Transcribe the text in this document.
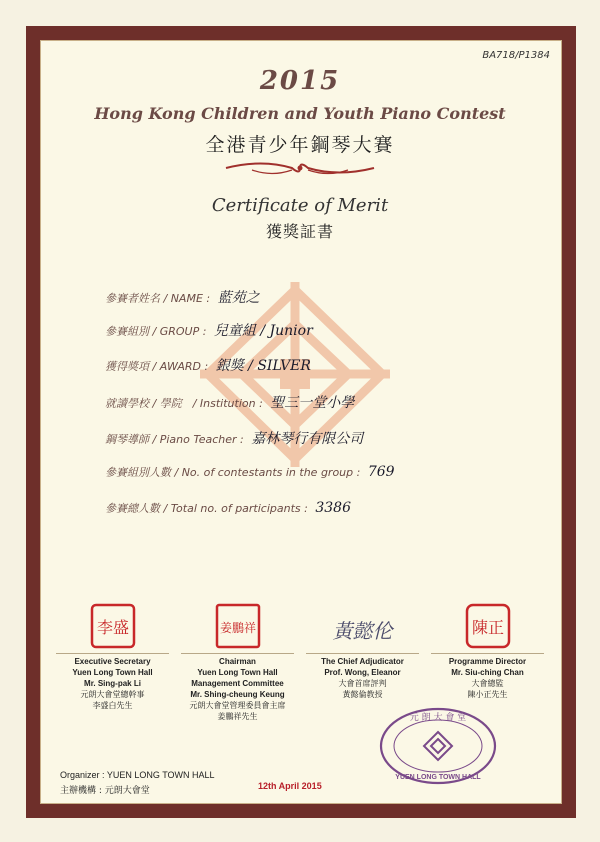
BA718/P1384
2015
Hong Kong Children and Youth Piano Contest
全港青少年鋼琴大賽
Certificate of Merit
獲獎証書
參賽者姓名 / NAME : 藍苑之
參賽組別 / GROUP : 兒童組 / Junior
獲得獎項 / AWARD : 銀獎 / SILVER
就讀學校 / 學院　/ Institution : 聖三一堂小學
鋼琴導師 / Piano Teacher : 嘉林琴行有限公司
參賽組別人數 / No. of contestants in the group : 769
參賽總人數 / Total no. of participants : 3386
李盛
Executive Secretary
Yuen Long Town Hall
Mr. Sing-pak Li
元朗大會堂總幹事
李盛白先生
姜鵬祥
Chairman
Yuen Long Town Hall
Management Committee
Mr. Shing-cheung Keung
元朗大會堂管理委員會主席
姜鵬祥先生
黃懿伦
The Chief Adjudicator
Prof. Wong, Eleanor
大會首席評判
黃懿倫教授
陳正
Programme Director
Mr. Siu-ching Chan
大會總監
陳小正先生
Organizer : YUEN LONG TOWN HALL
主辦機構 : 元朗大會堂	12th April 2015
元 朗 大 會 堂
YUEN LONG TOWN HALL
